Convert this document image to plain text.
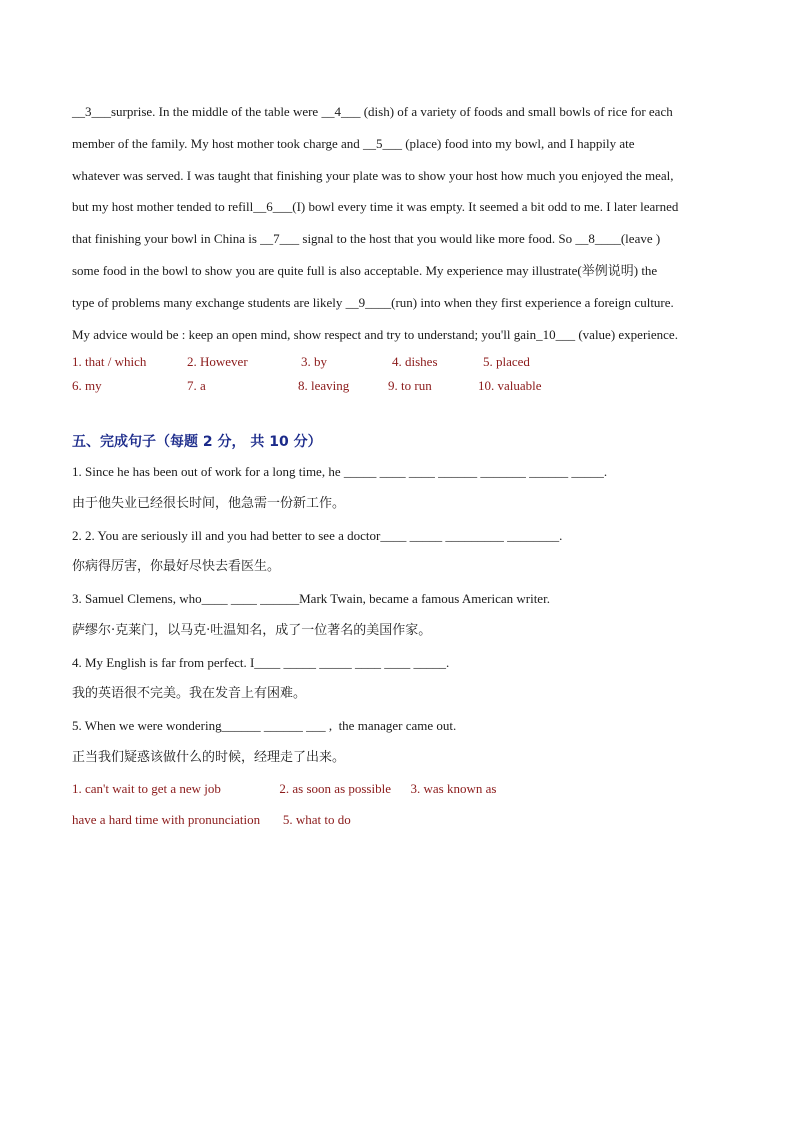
__3___surprise. In the middle of the table were __4___ (dish) of a variety of foods and small bowls of rice for each

member of the family. My host mother took charge and __5___ (place) food into my bowl, and I happily ate

whatever was served. I was taught that finishing your plate was to show your host how much you enjoyed the meal,

but my host mother tended to refill__6___(I) bowl every time it was empty. It seemed a bit odd to me. I later learned

that finishing your bowl in China is __7___ signal to the host that you would like more food. So __8____(leave )

some food in the bowl to show you are quite full is also acceptable. My experience may illustrate(举例说明) the

type of problems many exchange students are likely __9____(run) into when they first experience a foreign culture.

My advice would be : keep an open mind, show respect and try to understand; you'll gain_10___ (value) experience.

1. that / which	2. However	3. by	4. dishes	5. placed
6. my	7. a	8. leaving	9. to run	10. valuable
五、完成句子（每题 2 分， 共 10 分）

1. Since he has been out of work for a long time, he _____ ____ ____ ______ _______ ______ _____.

由于他失业已经很长时间，他急需一份新工作。

2. 2. You are seriously ill and you had better to see a doctor____ _____ _________ ________.

你病得厉害，你最好尽快去看医生。

3. Samuel Clemens, who____ ____ ______Mark Twain, became a famous American writer.

萨缪尔·克莱门，以马克·吐温知名，成了一位著名的美国作家。

4. My English is far from perfect. I____ _____ _____ ____ ____ _____.

我的英语很不完美。我在发音上有困难。

5. When we were wondering______ ______ ___ ,  the manager came out.

正当我们疑惑该做什么的时候，经理走了出来。

1. can't wait to get a new job                  2. as soon as possible      3. was known as

have a hard time with pronunciation       5. what to do
